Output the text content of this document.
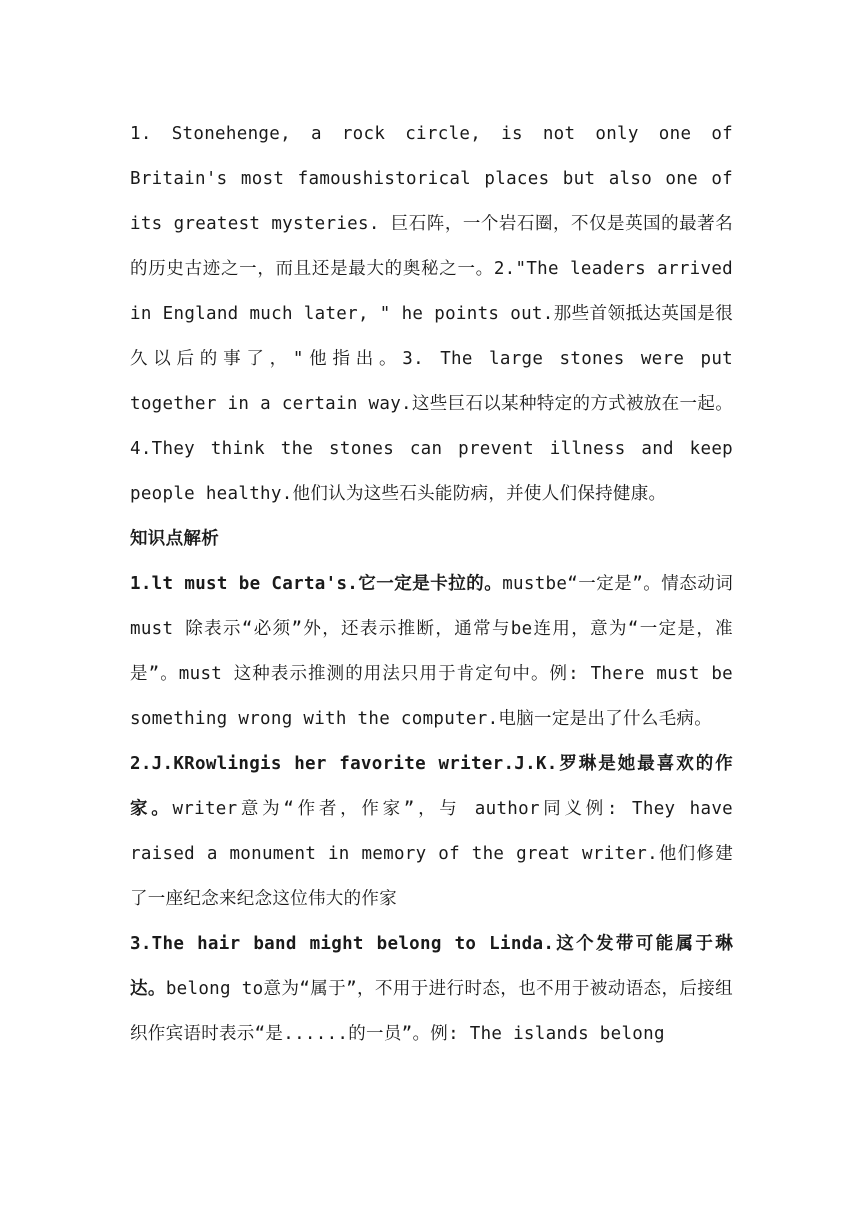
1. Stonehenge, a rock circle, is not only one of Britain's most famoushistorical places but also one of its greatest mysteries. 巨石阵，一个岩石圈，不仅是英国的最著名的历史古迹之一，而且还是最大的奥秘之一。2."The leaders arrived in England much later, " he points out.那些首领抵达英国是很久以后的事了，"他指出。3. The large stones were put together in a certain way.这些巨石以某种特定的方式被放在一起。4.They think the stones can prevent illness and keep people healthy.他们认为这些石头能防病，并使人们保持健康。

知识点解析

1.lt must be Carta's.它一定是卡拉的。mustbe“一定是”。情态动词must 除表示“必须”外，还表示推断，通常与be连用，意为“一定是，准是”。must 这种表示推测的用法只用于肯定句中。例: There must be something wrong with the computer.电脑一定是出了什么毛病。

2.J.KRowlingis her favorite writer.J.K.罗琳是她最喜欢的作家。writer意为“作者，作家”，与 author同义例: They have raised a monument in memory of the great writer.他们修建了一座纪念来纪念这位伟大的作家

3.The hair band might belong to Linda.这个发带可能属于琳达。belong to意为“属于”，不用于进行时态，也不用于被动语态，后接组织作宾语时表示“是......的一员”。例: The islands belong
